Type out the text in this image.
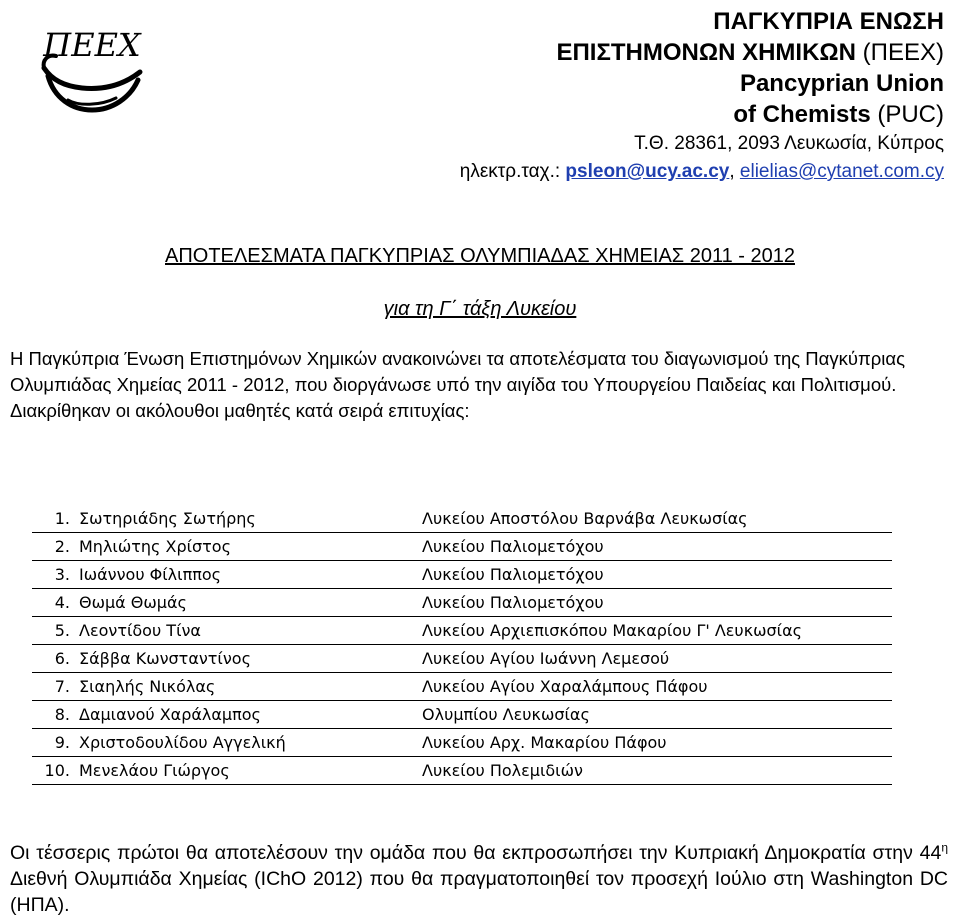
ΠΕΕΧ
ΠΑΓΚΥΠΡΙΑ ΕΝΩΣΗ
ΕΠΙΣΤΗΜΟΝΩΝ ΧΗΜΙΚΩΝ (ΠΕΕΧ)
Pancyprian Union
of Chemists (PUC)
Τ.Θ. 28361, 2093 Λευκωσία, Κύπρος
ηλεκτρ.ταχ.: psleon@ucy.ac.cy, elielias@cytanet.com.cy
ΑΠΟΤΕΛΕΣΜΑΤΑ ΠΑΓΚΥΠΡΙΑΣ ΟΛΥΜΠΙΑΔΑΣ ΧΗΜΕΙΑΣ 2011 - 2012
για τη Γ΄ τάξη Λυκείου
Η Παγκύπρια Ένωση Επιστημόνων Χημικών ανακοινώνει τα αποτελέσματα του διαγωνισμού της Παγκύπριας Ολυμπιάδας Χημείας 2011 - 2012, που διοργάνωσε υπό την αιγίδα του Υπουργείου Παιδείας και Πολιτισμού. Διακρίθηκαν οι ακόλουθοι μαθητές κατά σειρά επιτυχίας:
1.	Σωτηριάδης Σωτήρης	Λυκείου Αποστόλου Βαρνάβα Λευκωσίας
2.	Μηλιώτης Χρίστος	Λυκείου Παλιομετόχου
3.	Ιωάννου Φίλιππος	Λυκείου Παλιομετόχου
4.	Θωμά Θωμάς	Λυκείου Παλιομετόχου
5.	Λεοντίδου Τίνα	Λυκείου Αρχιεπισκόπου Μακαρίου Γ' Λευκωσίας
6.	Σάββα Κωνσταντίνος	Λυκείου Αγίου Ιωάννη Λεμεσού
7.	Σιαηλής Νικόλας	Λυκείου Αγίου Χαραλάμπους Πάφου
8.	Δαμιανού Χαράλαμπος	Ολυμπίου Λευκωσίας
9.	Χριστοδουλίδου Αγγελική	Λυκείου Αρχ. Μακαρίου Πάφου
10.	Μενελάου Γιώργος	Λυκείου Πολεμιδιών
Οι τέσσερις πρώτοι θα αποτελέσουν την ομάδα που θα εκπροσωπήσει την Κυπριακή Δημοκρατία στην $44^\eta$ Διεθνή Ολυμπιάδα Χημείας (IChO 2012) που θα πραγματοποιηθεί τον προσεχή Ιούλιο στη Washington DC (ΗΠΑ).
